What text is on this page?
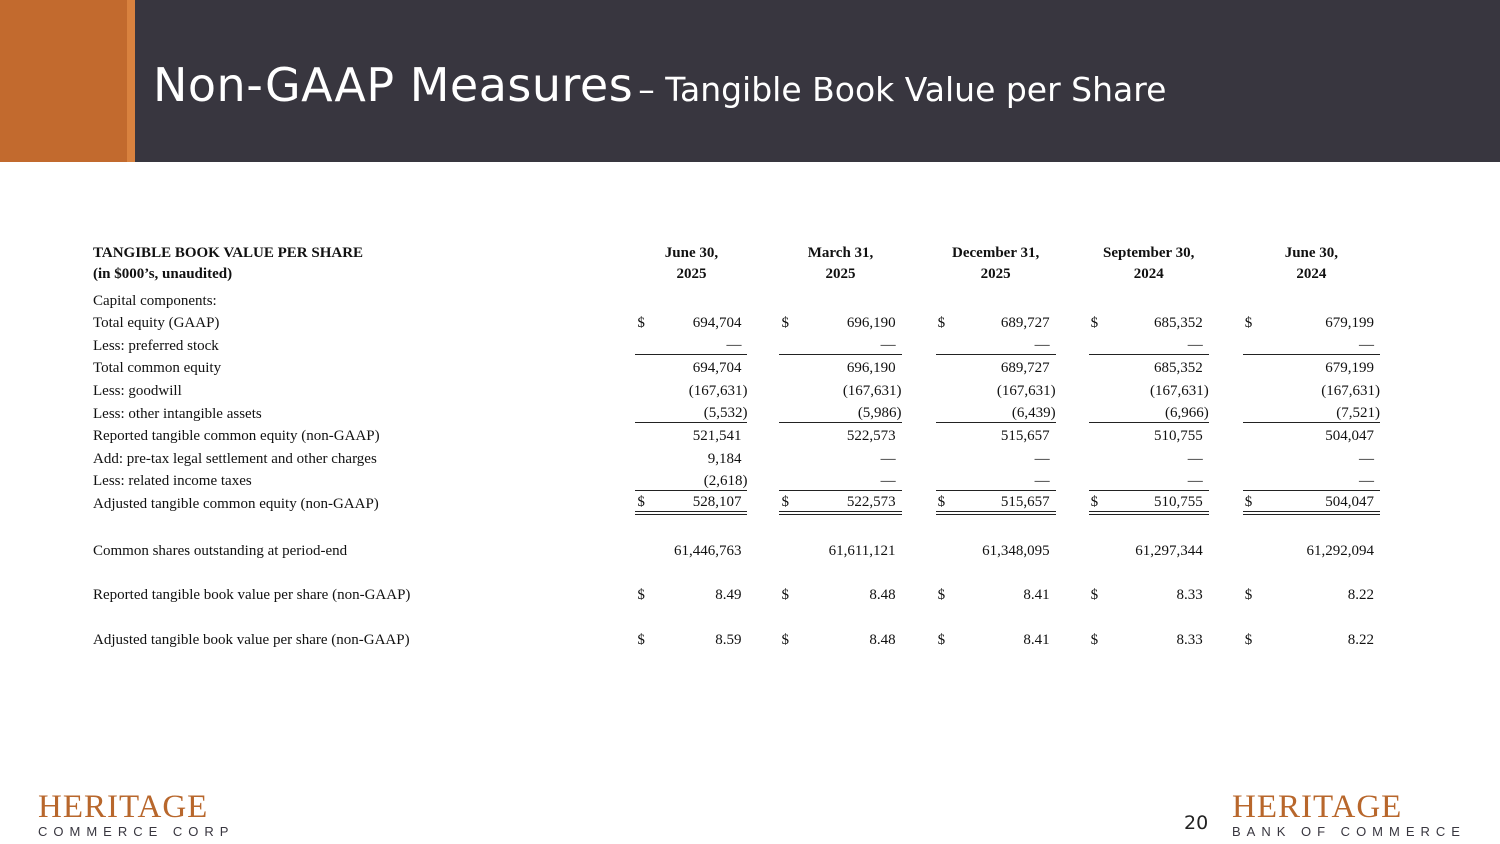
Non-GAAP Measures – Tangible Book Value per Share
TANGIBLE BOOK VALUE PER SHARE	June 30,			March 31,			December 31,			September 30,			June 30,	
(in $000’s, unaudited)	2025			2025			2025			2024			2024	
Capital components:														
Total equity (GAAP)	$	694,704		$	696,190		$	689,727		$	685,352		$	679,199
Less: preferred stock		—			—			—			—			—
Total common equity		694,704			696,190			689,727			685,352			679,199
Less: goodwill		(167,631)			(167,631)			(167,631)			(167,631)			(167,631)
Less: other intangible assets		(5,532)			(5,986)			(6,439)			(6,966)			(7,521)
Reported tangible common equity (non-GAAP)		521,541			522,573			515,657			510,755			504,047
Add: pre-tax legal settlement and other charges		9,184			—			—			—			—
Less: related income taxes		(2,618)			—			—			—			—
Adjusted tangible common equity (non-GAAP)	$	528,107		$	522,573		$	515,657		$	510,755		$	504,047

Common shares outstanding at period-end		61,446,763			61,611,121			61,348,095			61,297,344			61,292,094

Reported tangible book value per share (non-GAAP)	$	8.49		$	8.48		$	8.41		$	8.33		$	8.22

Adjusted tangible book value per share (non-GAAP)	$	8.59		$	8.48		$	8.41		$	8.33		$	8.22
HERITAGE
COMMERCE CORP	20 HERITAGE
BANK OF COMMERCE
